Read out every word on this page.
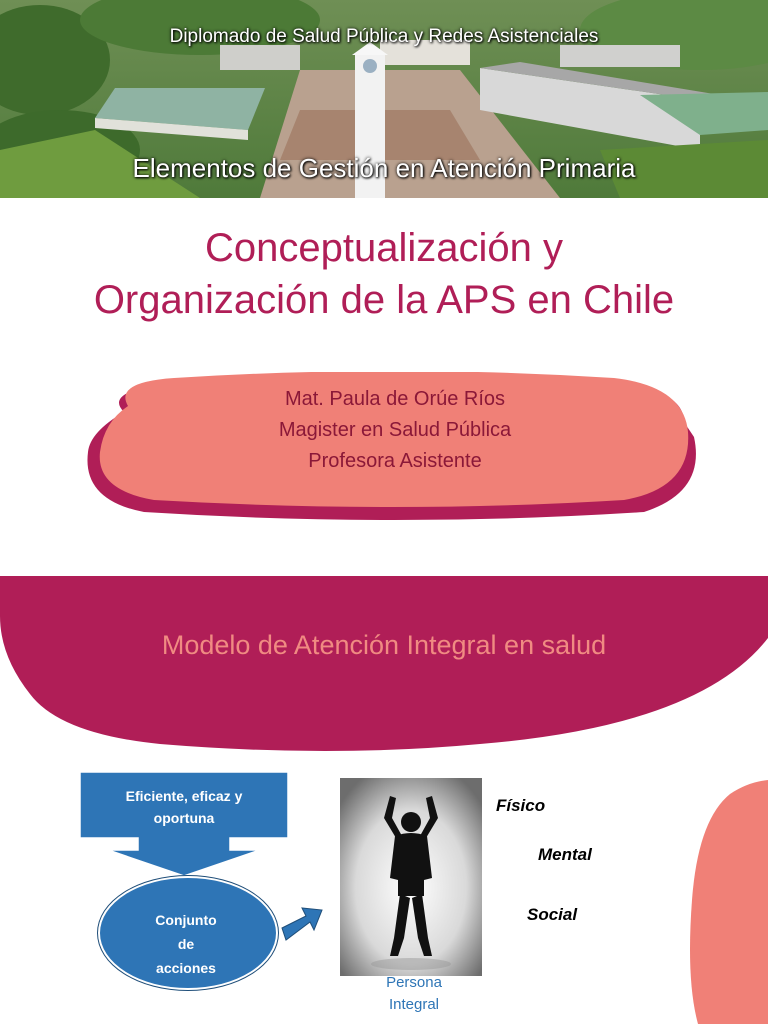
Diplomado de Salud Pública y Redes Asistenciales
Elementos de Gestión en Atención Primaria
Conceptualización y
Organización de la APS en Chile
Mat. Paula de Orúe Ríos
Magister en Salud Pública
Profesora Asistente
Modelo de Atención Integral en salud
Eficiente, eficaz y
oportuna
Conjunto
de
acciones
Persona
Integral
Físico
Mental
Social
